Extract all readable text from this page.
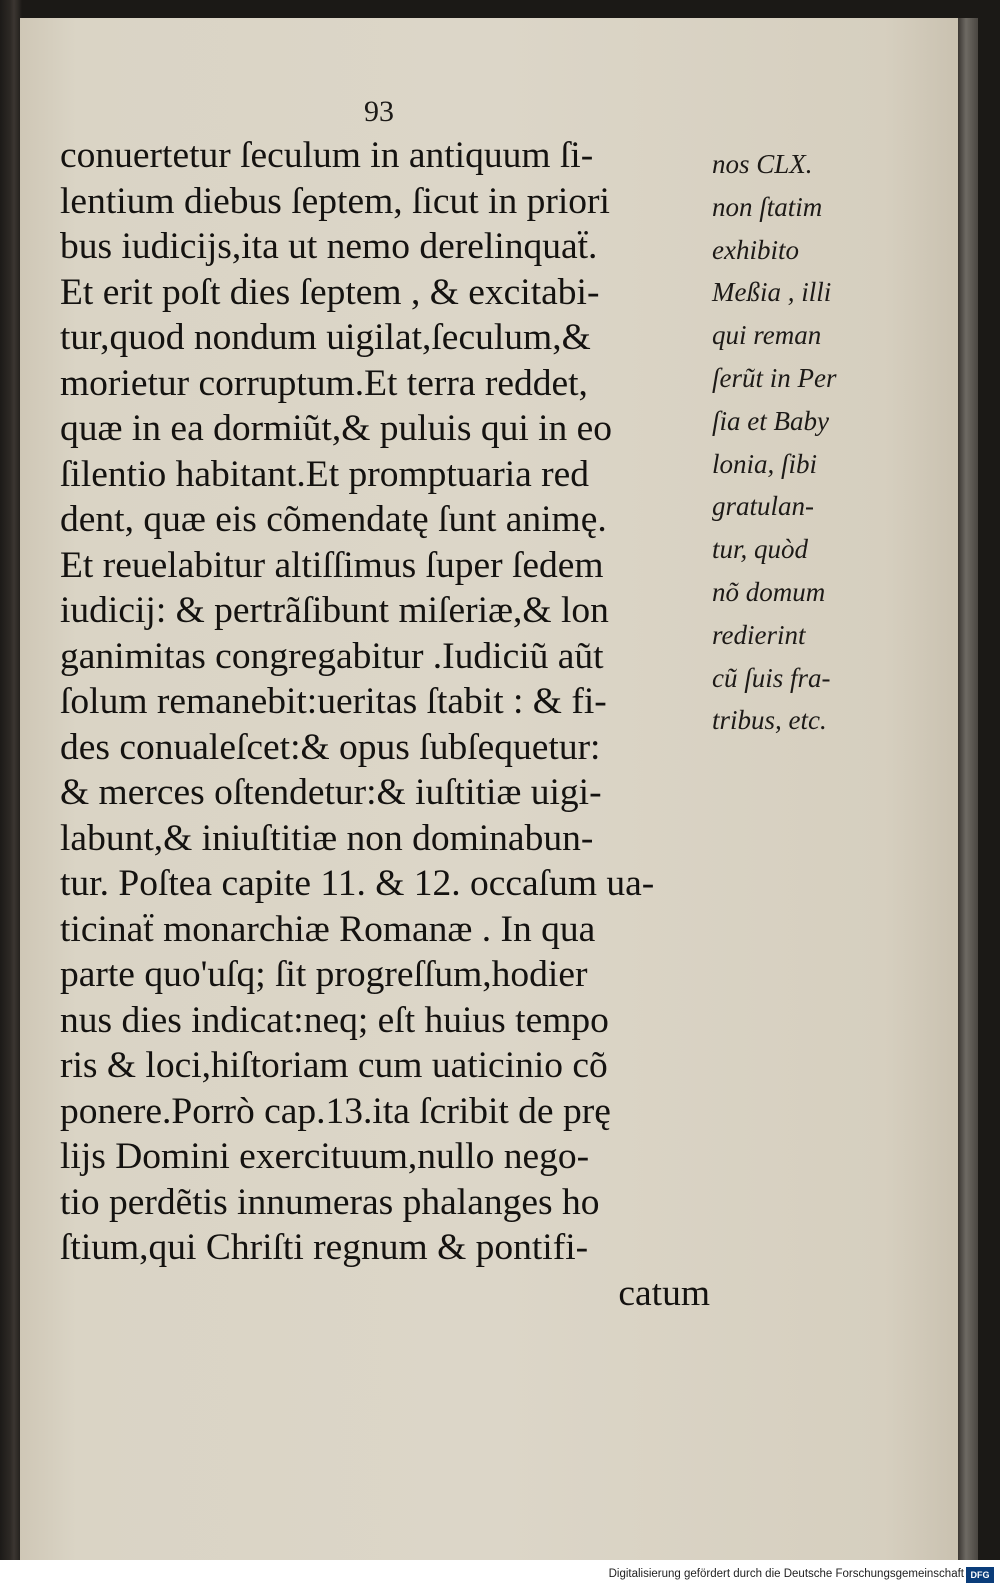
93
conuertetur ſeculum in antiquum ſi-
lentium diebus ſeptem, ſicut in priori
bus iudicijs,ita ut nemo derelinquaẗ.
Et erit poſt dies ſeptem , & excitabi-
tur,quod nondum uigilat,ſeculum,&
morietur corruptum.Et terra reddet,
quæ in ea dormiũt,& puluis qui in eo
ſilentio habitant.Et promptuaria red
dent, quæ eis cõmendatę ſunt animę.
Et reuelabitur altiſſimus ſuper ſedem
iudicij: & pertrãſibunt miſeriæ,& lon
ganimitas congregabitur .Iudiciũ aũt
ſolum remanebit:ueritas ſtabit : & fi-
des conualeſcet:& opus ſubſequetur:
& merces oſtendetur:& iuſtitiæ uigi-
labunt,& iniuſtitiæ non dominabun-
tur. Poſtea capite 11. & 12. occaſum ua-
ticinaẗ monarchiæ Romanæ . In qua
parte quo'uſq; ſit progreſſum,hodier
nus dies indicat:neq; eſt huius tempo
ris & loci,hiſtoriam cum uaticinio cõ
ponere.Porrò cap.13.ita ſcribit de prę
lijs Domini exercituum,nullo nego-
tio perdẽtis innumeras phalanges ho
ſtium,qui Chriſti regnum & pontifi-
catum
nos CLX.
non ſtatim
exhibito
Meßia , illi
qui reman
ſerũt in Per
ſia et Baby
lonia, ſibi
gratulan-
tur, quòd
nõ domum
redierint
cũ ſuis fra-
tribus, etc.
Digitalisierung gefördert durch die Deutsche Forschungsgemeinschaft DFG
